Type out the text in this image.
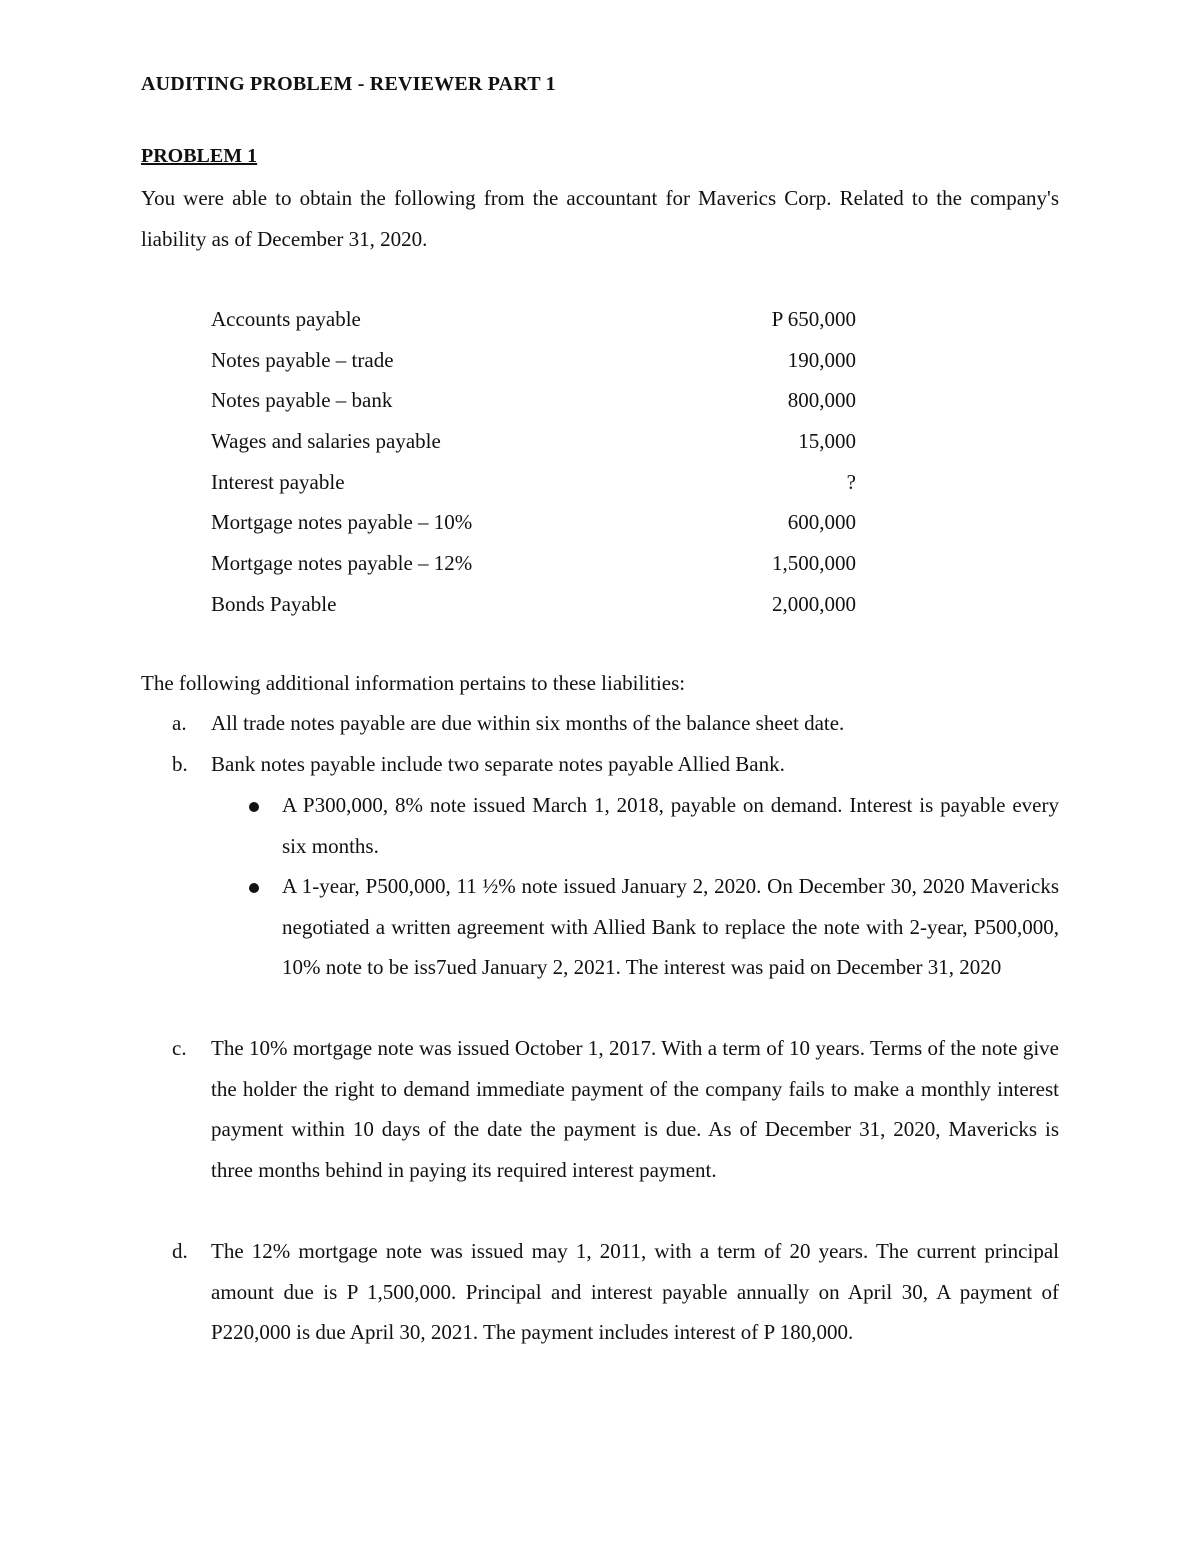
AUDITING PROBLEM - REVIEWER PART 1
PROBLEM 1
You were able to obtain the following from the accountant for Maverics Corp. Related to the company's liability as of December 31, 2020.
Accounts payable	P 650,000
Notes payable – trade	190,000
Notes payable – bank	800,000
Wages and salaries payable	15,000
Interest payable	?
Mortgage notes payable – 10%	600,000
Mortgage notes payable – 12%	1,500,000
Bonds Payable	2,000,000
The following additional information pertains to these liabilities:
a. All trade notes payable are due within six months of the balance sheet date.
b. Bank notes payable include two separate notes payable Allied Bank.
A P300,000, 8% note issued March 1, 2018, payable on demand. Interest is payable every six months.
A 1-year, P500,000, 11 ½% note issued January 2, 2020. On December 30, 2020 Mavericks negotiated a written agreement with Allied Bank to replace the note with 2-year, P500,000, 10% note to be iss7ued January 2, 2021. The interest was paid on December 31, 2020
c. The 10% mortgage note was issued October 1, 2017. With a term of 10 years. Terms of the note give the holder the right to demand immediate payment of the company fails to make a monthly interest payment within 10 days of the date the payment is due. As of December 31, 2020, Mavericks is three months behind in paying its required interest payment.
d. The 12% mortgage note was issued may 1, 2011, with a term of 20 years. The current principal amount due is P 1,500,000. Principal and interest payable annually on April 30, A payment of P220,000 is due April 30, 2021. The payment includes interest of P 180,000.
